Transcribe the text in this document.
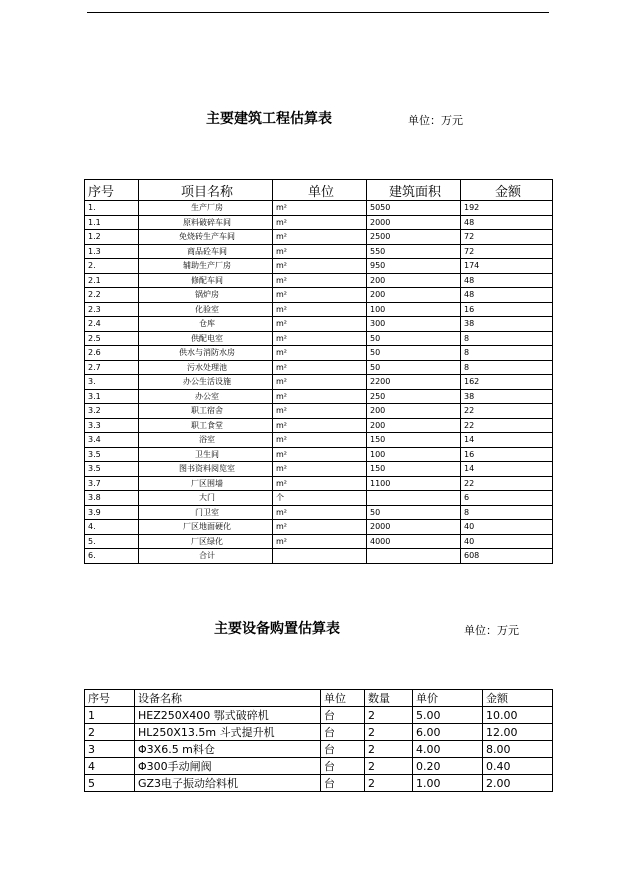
主要建筑工程估算表	单位：万元
序号	项目名称	单位	建筑面积	金额
1.	生产厂房	m²	5050	192
1.1	原料破碎车间	m²	2000	48
1.2	免烧砖生产车间	m²	2500	72
1.3	商品砼车间	m²	550	72
2.	辅助生产厂房	m²	950	174
2.1	修配车间	m²	200	48
2.2	锅炉房	m²	200	48
2.3	化验室	m²	100	16
2.4	仓库	m²	300	38
2.5	供配电室	m²	50	8
2.6	供水与消防水房	m²	50	8
2.7	污水处理池	m²	50	8
3.	办公生活设施	m²	2200	162
3.1	办公室	m²	250	38
3.2	职工宿舍	m²	200	22
3.3	职工食堂	m²	200	22
3.4	浴室	m²	150	14
3.5	卫生间	m²	100	16
3.5	图书资料阅览室	m²	150	14
3.7	厂区围墙	m²	1100	22
3.8	大门	个		6
3.9	门卫室	m²	50	8
4.	厂区地面硬化	m²	2000	40
5.	厂区绿化	m²	4000	40
6.	合计			608
主要设备购置估算表	单位：万元
序号	设备名称	单位	数量	单价	金额
1	HEZ250X400 鄂式破碎机	台	2	5.00	10.00
2	HL250X13.5m 斗式提升机	台	2	6.00	12.00
3	Φ3X6.5 m料仓	台	2	4.00	8.00
4	Φ300手动闸阀	台	2	0.20	0.40
5	GZ3电子振动给料机	台	2	1.00	2.00
